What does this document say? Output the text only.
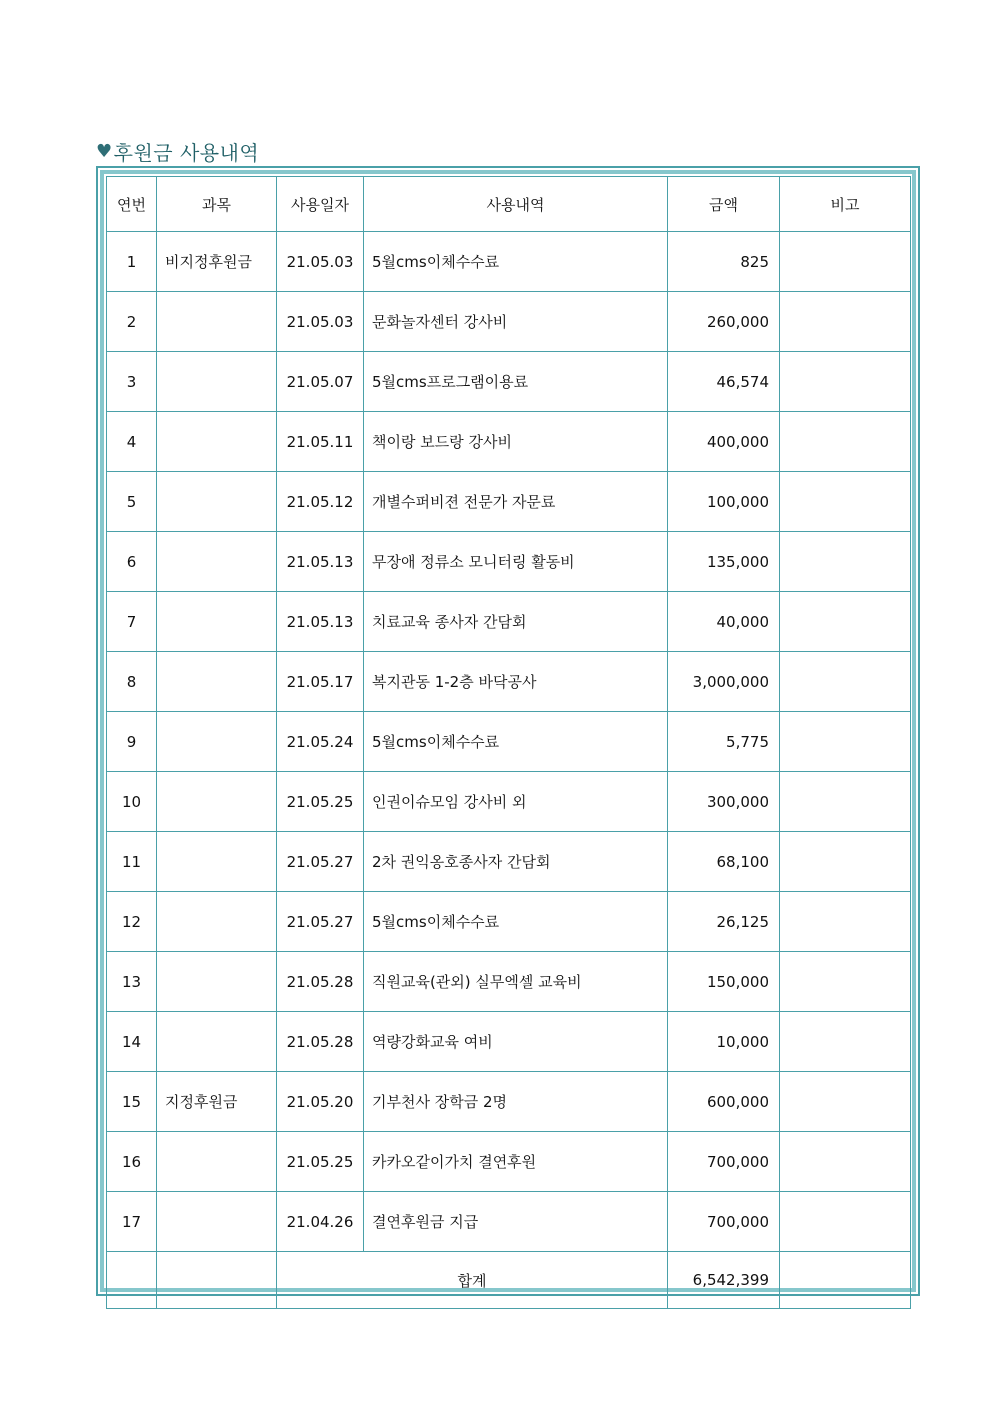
♥ 후원금 사용내역
연번	과목	사용일자	사용내역	금액	비고
1	비지정후원금	21.05.03	5월cms이체수수료	825	
2		21.05.03	문화놀자센터 강사비	260,000	
3		21.05.07	5월cms프로그램이용료	46,574	
4		21.05.11	책이랑 보드랑 강사비	400,000	
5		21.05.12	개별수퍼비젼 전문가 자문료	100,000	
6		21.05.13	무장애 정류소 모니터링 활동비	135,000	
7		21.05.13	치료교육 종사자 간담회	40,000	
8		21.05.17	복지관동 1-2층 바닥공사	3,000,000	
9		21.05.24	5월cms이체수수료	5,775	
10		21.05.25	인권이슈모임 강사비 외	300,000	
11		21.05.27	2차 권익옹호종사자 간담회	68,100	
12		21.05.27	5월cms이체수수료	26,125	
13		21.05.28	직원교육(관외) 실무엑셀 교육비	150,000	
14		21.05.28	역량강화교육 여비	10,000	
15	지정후원금	21.05.20	기부천사 장학금 2명	600,000	
16		21.05.25	카카오같이가치 결연후원	700,000	
17		21.04.26	결연후원금 지급	700,000	
		합계		6,542,399	
